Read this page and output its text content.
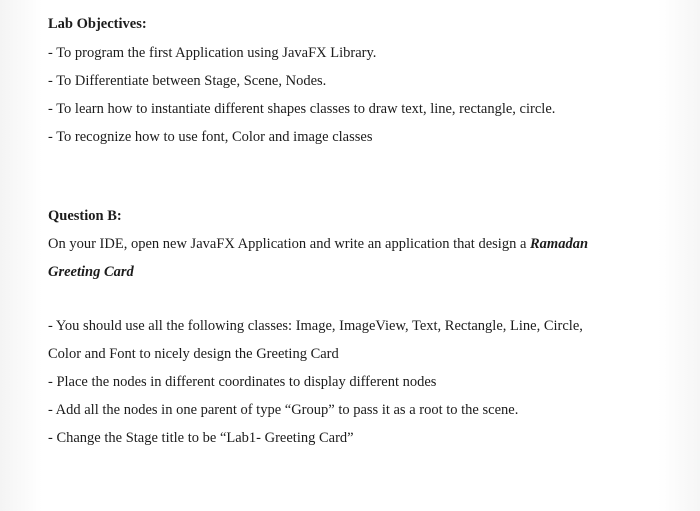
Lab Objectives:

- To program the first Application using JavaFX Library.

- To Differentiate between Stage, Scene, Nodes.

- To learn how to instantiate different shapes classes to draw text, line, rectangle, circle.

- To recognize how to use font, Color and image classes

Question B:

On your IDE, open new JavaFX Application and write an application that design a Ramadan

Greeting Card

- You should use all the following classes: Image, ImageView, Text, Rectangle, Line, Circle,

Color and Font to nicely design the Greeting Card

- Place the nodes in different coordinates to display different nodes

- Add all the nodes in one parent of type “Group” to pass it as a root to the scene.

- Change the Stage title to be “Lab1- Greeting Card”
